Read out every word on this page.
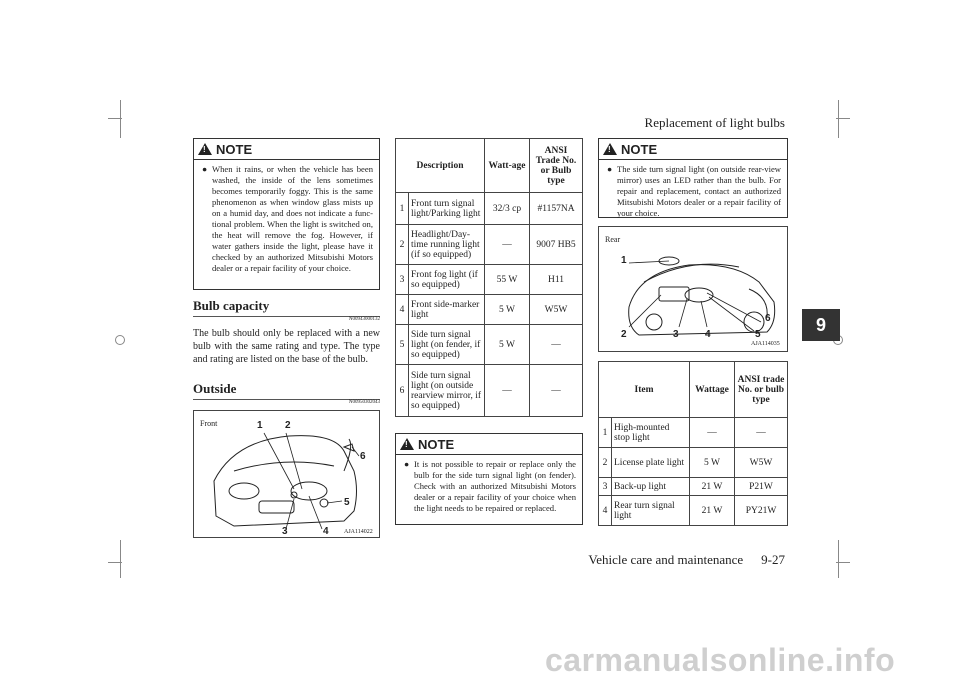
Replacement of light bulbs
9
!
NOTE
● When it rains, or when the vehicle has been washed, the inside of the lens sometimes becomes temporarily foggy. This is the same phenomenon as when window glass mists up on a humid day, and does not indicate a func-tional problem. When the light is switched on, the heat will remove the fog. However, if water gathers inside the light, please have it checked by an authorized Mitsubishi Motors dealer or a repair facility of your choice.

Bulb capacity
N00943000132
The bulb should only be replaced with a new bulb with the same rating and type. The type and rating are listed on the base of the bulb.
Outside
N00950302043
Front	1 2
3	4
5
6
AJA114022
Description		Watt-age	ANSI Trade No. or Bulb type
1	Front turn signal light/Parking light	32/3 cp	#1157NA
2	Headlight/Day-time running light (if so equipped)	—	9007 HB5
3	Front fog light (if so equipped)	55 W	H11
4	Front side-marker light	5 W	W5W
5	Side turn signal light (on fender, if so equipped)	5 W	—
6	Side turn signal light (on outside rearview mirror, if so equipped)	—	—
!
NOTE
● It is not possible to repair or replace only the bulb for the side turn signal light (on fender). Check with an authorized Mitsubishi Motors dealer or a repair facility of your choice when the light needs to be repaired or replaced.

!
NOTE
● The side turn signal light (on outside rear-view mirror) uses an LED rather than the bulb. For repair and replacement, contact an authorized Mitsubishi Motors dealer or a repair facility of your choice.

Rear
1
2	3	4	5
6
AJA114035
Item		Wattage	ANSI trade No. or bulb type
1	High-mounted stop light	—	—
2	License plate light	5 W	W5W
3	Back-up light	21 W	P21W
4	Rear turn signal light	21 W	PY21W
Vehicle care and maintenance 9-27
carmanualsonline.info
